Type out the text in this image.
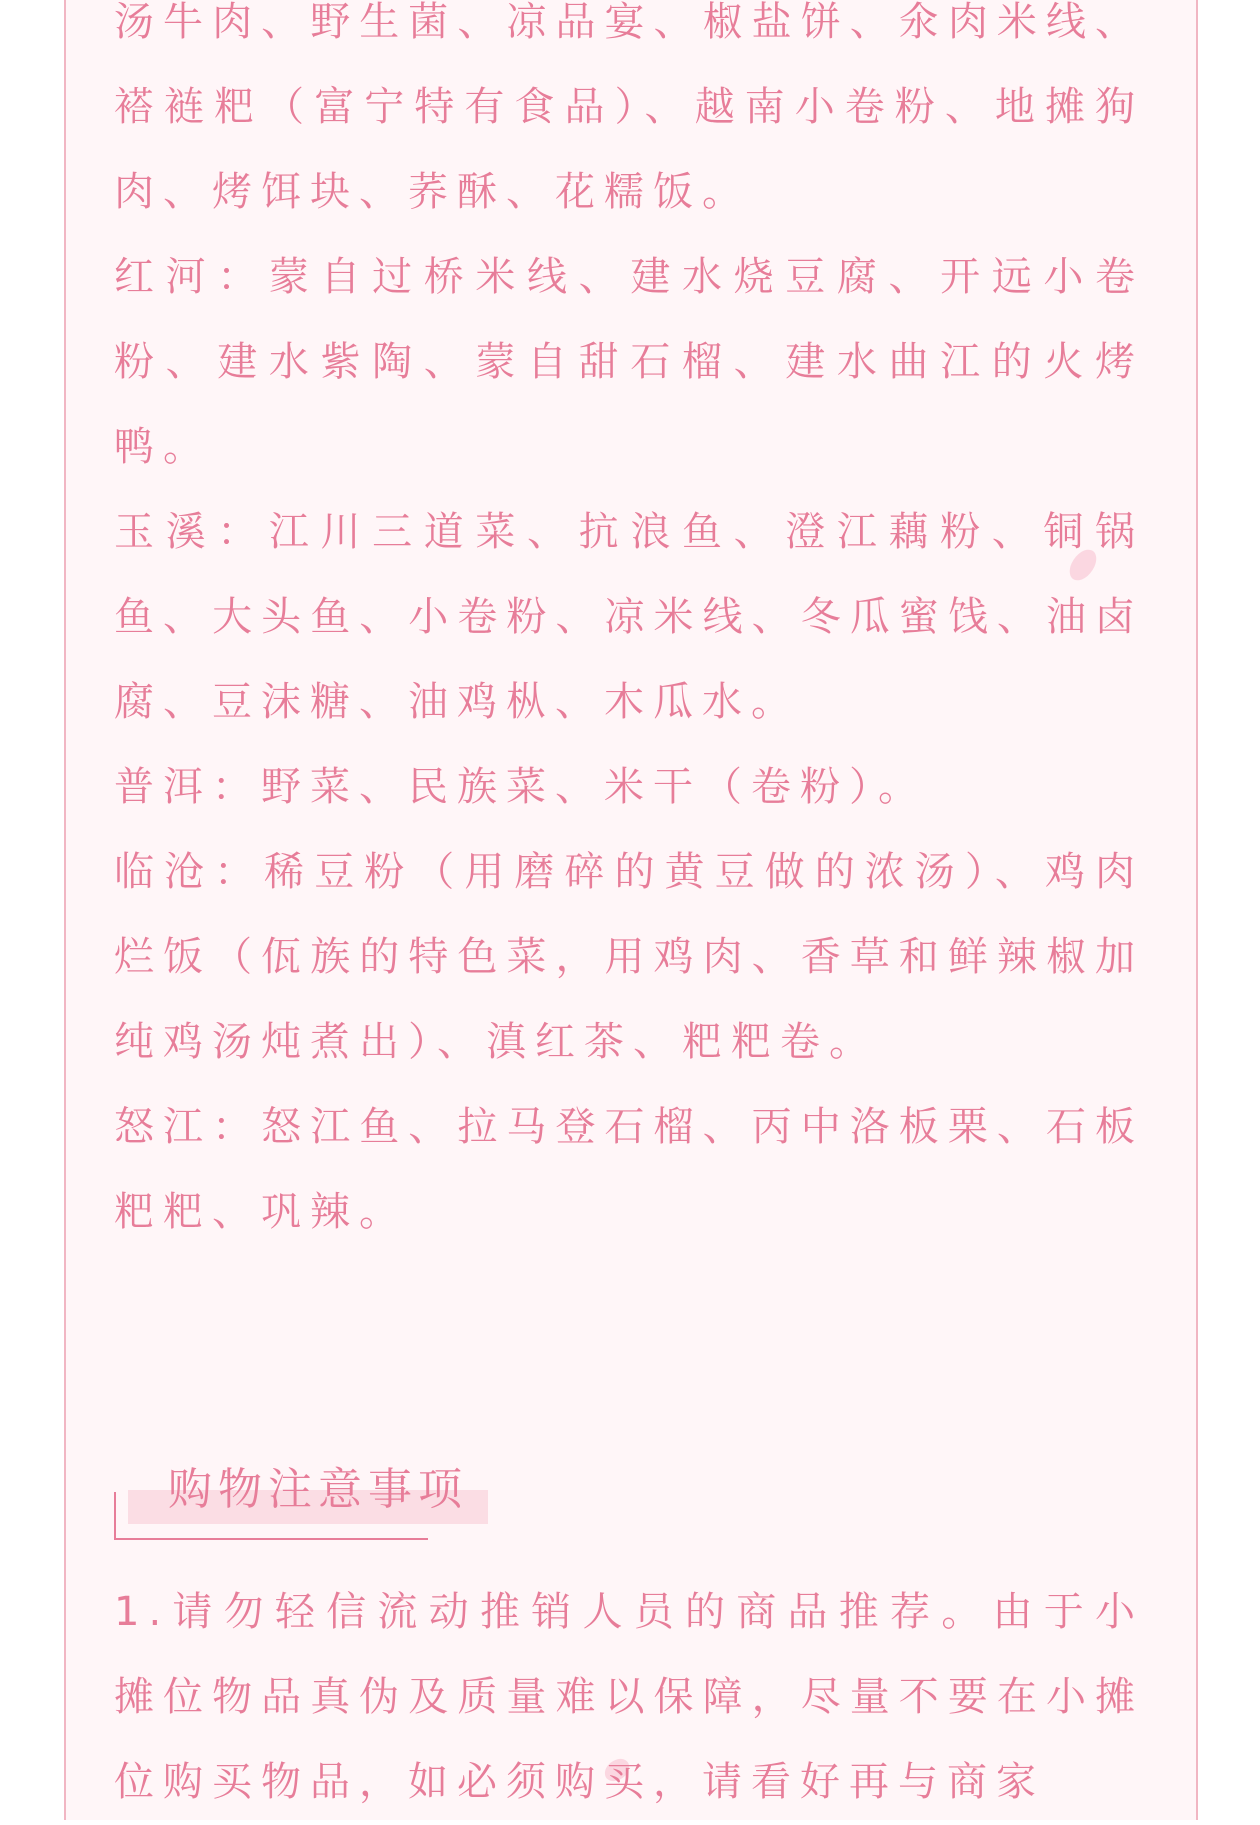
汤牛肉、野生菌、凉品宴、椒盐饼、氽肉米线、褡裢粑（富宁特有食品）、越南小卷粉、地摊狗肉、烤饵块、荞酥、花糯饭。

红河：蒙自过桥米线、建水烧豆腐、开远小卷粉、建水紫陶、蒙自甜石榴、建水曲江的火烤鸭。

玉溪：江川三道菜、抗浪鱼、澄江藕粉、铜锅鱼、大头鱼、小卷粉、凉米线、冬瓜蜜饯、油卤腐、豆沫糖、油鸡枞、木瓜水。

普洱：野菜、民族菜、米干（卷粉）。

临沧：稀豆粉（用磨碎的黄豆做的浓汤）、鸡肉烂饭（佤族的特色菜，用鸡肉、香草和鲜辣椒加纯鸡汤炖煮出）、滇红茶、粑粑卷。

怒江：怒江鱼、拉马登石榴、丙中洛板栗、石板粑粑、巩辣。

购物注意事项

1.请勿轻信流动推销人员的商品推荐。由于小摊位物品真伪及质量难以保障，尽量不要在小摊位购买物品，如必须购买，请看好再与商家
